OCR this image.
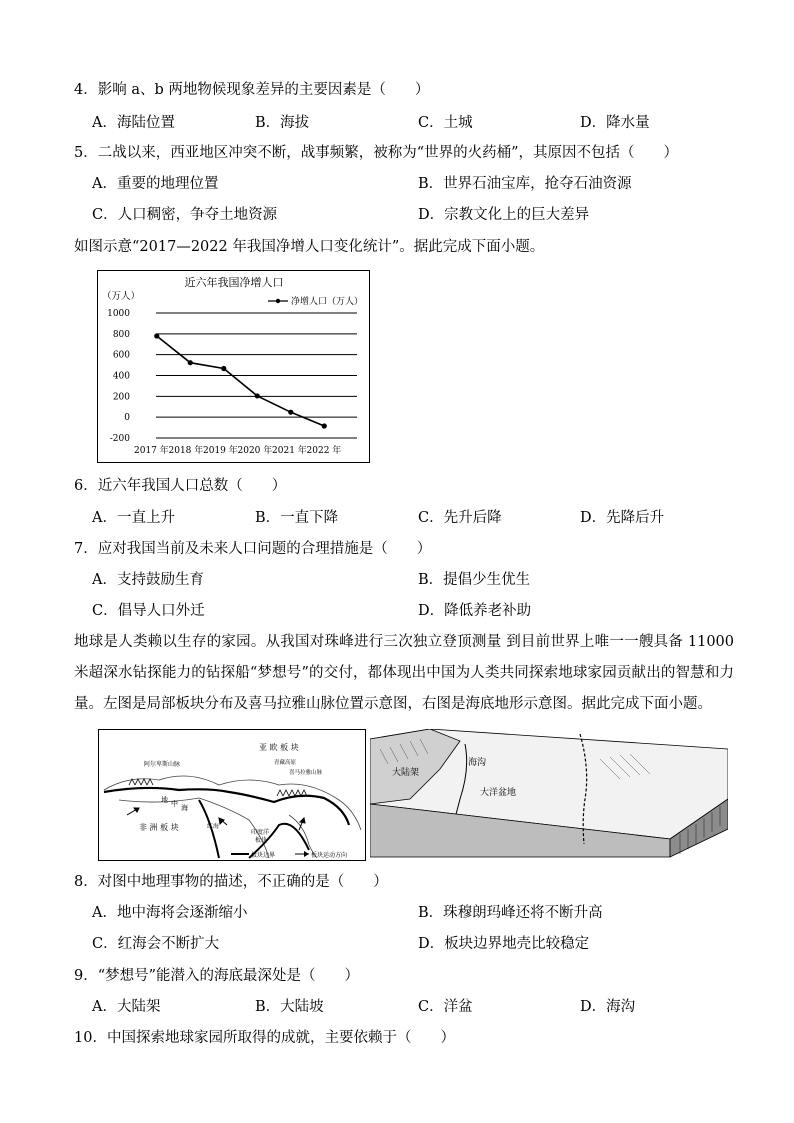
4．影响 a、b 两地物候现象差异的主要因素是（　　）
A．海陆位置	B．海拔	C．土城	D．降水量
5．二战以来，西亚地区冲突不断，战事频繁，被称为“世界的火药桶”，其原因不包括（　　）
A．重要的地理位置	B．世界石油宝库，抢夺石油资源
C．人口稠密，争夺土地资源	D．宗教文化上的巨大差异
如图示意“2017—2022 年我国净增人口变化统计”。据此完成下面小题。
近六年我国净增人口
（万人）	净增人口（万人）
1000
800
600
400
200
0
-200
2017 年 2018 年 2019 年 2020 年 2021 年 2022 年
6．近六年我国人口总数（　　）
A．一直上升	B．一直下降	C．先升后降	D．先降后升
7．应对我国当前及未来人口问题的合理措施是（　　）
A．支持鼓励生育	B．提倡少生优生
C．倡导人口外迁	D．降低养老补助
地球是人类赖以生存的家园。从我国对珠峰进行三次独立登顶测量 到目前世界上唯一一艘具备 11000 米超深水钻探能力的钻探船“梦想号”的交付，都体现出中国为人类共同探索地球家园贡献出的智慧和力量。左图是局部板块分布及喜马拉雅山脉位置示意图，右图是海底地形示意图。据此完成下面小题。
亚 欧 板 块
阿尔卑斯山脉
地 中 海
非 洲 板 块	红海
印度洋
板块
喜马拉雅山脉
青藏高原
板块边界	板块运动方向
大陆架
海沟
大洋盆地
8．对图中地理事物的描述，不正确的是（　　）
A．地中海将会逐渐缩小	B．珠穆朗玛峰还将不断升高
C．红海会不断扩大	D．板块边界地壳比较稳定
9．“梦想号”能潜入的海底最深处是（　　）
A．大陆架	B．大陆坡	C．洋盆	D．海沟
10．中国探索地球家园所取得的成就，主要依赖于（　　）
